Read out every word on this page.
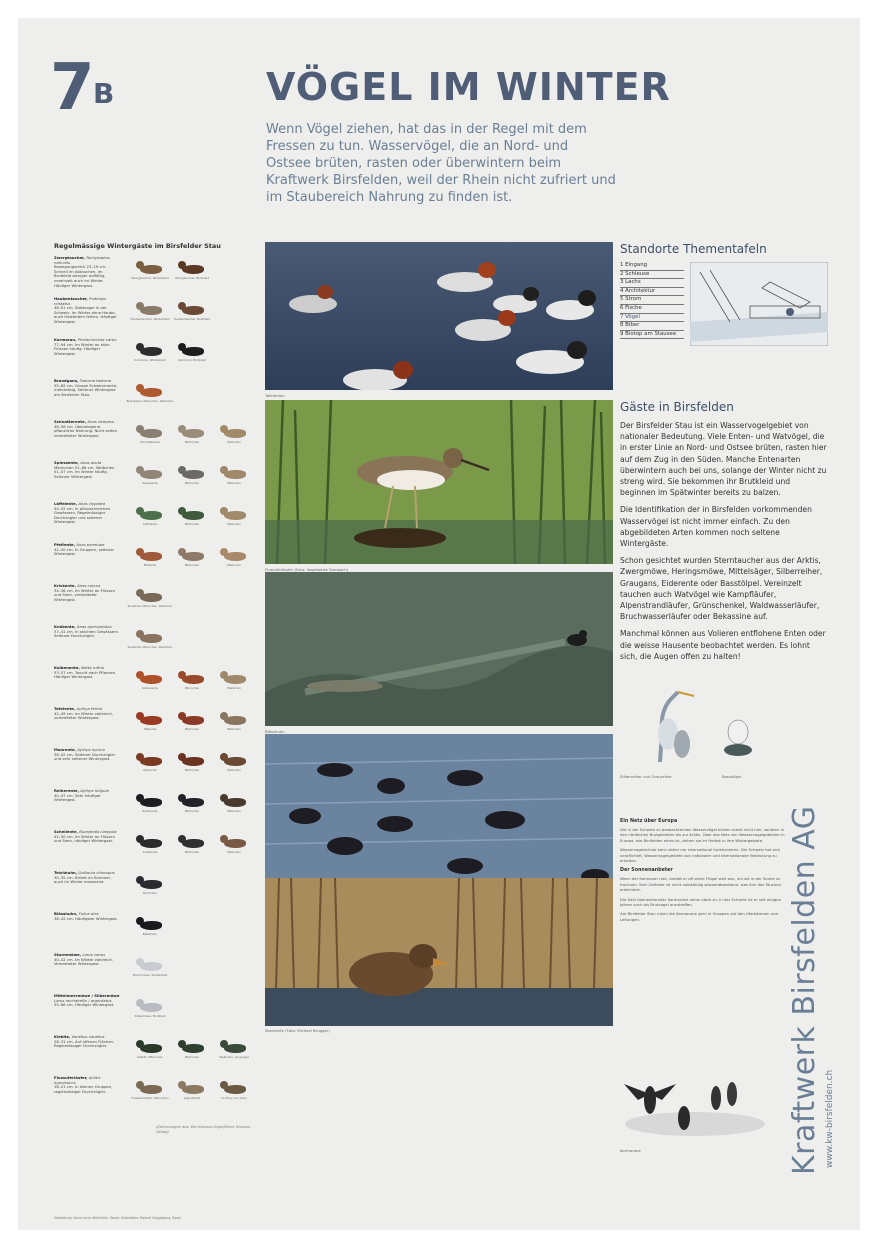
7 B	VÖGEL IM WINTER
Wenn Vögel ziehen, hat das in der Regel mit dem Fressen zu tun. Wasservögel, die an Nord- und Ostsee brüten, rasten oder überwintern beim Kraftwerk Birsfelden, weil der Rhein nicht zufriert und im Staubereich Nahrung zu finden ist.
Regelmässige Wintergäste im Birsfelder Stau
Zwergtaucher, Tachybaptus ruficollis
Bewegungsreich 23–29 cm. Schnell im Abtauchen. Im Brutkleid weniger auffällig, vereinzelt auch im Winter. Häufiger Wintergast.
Zwergtaucher, Winterkleid Zwergtaucher, Brutkleid
Haubentaucher, Podiceps cristatus
46–51 cm. Stattvogel in der Schweiz. Im Winter ohne Haube, auch Halsfedern fehlen. Häufiger Wintergast.	Haubentaucher, Winterkleid Haubentaucher, Brutkleid
Kormoran, Phalacrocorax carbo
77–94 cm. Im Winter an allen Flüssen häufig. Häufiger Wintergast.
Kormoran, Winterkleid	Kormoran, Brutkleid
Brandgans, Tadorna tadorna
55–65 cm. Grosse Schwimmente, mehrfarbig. Seltener Wintergast am Birsfelder Stau.
Brandgans, Männchen, Weibchen
Schnatterente, Anas strepera
46–56 cm. Überwiegend pflanzliche Nahrung. Nicht selten verbreiteter Wintergast.
Schnatterente	Männchen	Weibchen
Spiessente, Anas acuta
Männchen 51–66 cm, Weibchen 51–57 cm. Im Winter häufig. Seltener Wintergast.
Spiessente	Männchen	Weibchen
Löffelente, Anas clypeata
44–52 cm. In pflanzenreichen Gewässern. Regelmässiger Durchzügler und seltener Wintergast.	Löffelente	Männchen	Weibchen
Pfeifente, Anas penelope
42–50 cm. In Gruppen, seltener Wintergast.
Pfeifente	Männchen	Weibchen
Krickente, Anas crecca
34–38 cm. Im Winter an Flüssen und Seen, verbreiteter Wintergast.
Krickente, Männchen, Weibchen
Knäkente, Anas querquedula
37–41 cm. In seichten Gewässern. Seltener Durchzügler.
Knäkente, Männchen, Weibchen
Kolbenente, Netta rufina
53–57 cm. Taucht nach Pflanzen. Häufiger Wintergast.
Kolbenente	Männchen	Weibchen
Tafelente, Aythya ferina
42–49 cm. Im Winter zahlreich, verbreiteter Wintergast.
Tafelente	Männchen	Weibchen
Moorente, Aythya nyroca
38–42 cm. Seltener Durchzügler und sehr seltener Wintergast.
Moorente	Männchen	Weibchen
Reiherente, Aythya fuligula
40–47 cm. Sehr häufiger Wintergast.
Reiherente	Männchen	Weibchen
Schellente, Bucephala clangula
42–50 cm. Im Winter an Flüssen und Seen, häufiger Wintergast.
Schellente	Männchen	Weibchen
Teichhuhn, Gallinula chloropus
30–35 cm. Brütet im Sommer, auch im Winter anwesend.
Teichhuhn
Blässhuhn, Fulica atra
36–42 cm. Häufigster Wintergast.
Blässhuhn
Sturmmöwe, Larus canus
40–42 cm. Im Winter zahlreich. Verbreiteter Wintergast.
Sturmmöwe, Winterkleid
Mittelmeermöwe / Silbermöwe Larus michahellis / argentatus
55–66 cm. Häufiger Wintergast.
Silbermöwe, Brutkleid
Kiebitz, Vanellus vanellus
28–31 cm. Auf offenen Flächen. Regelmässiger Durchzügler.
Kiebitz, Männchen	Männchen	Weibchen, Jungvogel
Flussuferläufer, Actitis hypoleucos
18–21 cm. In kleinen Gruppen, regelmässiger Durchzügler.
Flussuferläufer, Männchen	Jugendkleid	Im Flug, von oben
(Zeichnungen aus: Der Kosmos-Vogelführer, Kosmos Verlag)
Tafelenten
Flussuferläufer (Foto: Vogelwarte Sempach)
Blässhuhn
Stockente (Foto: Michael Brugger)
Standorte Thementafeln
1 Eingang
2 Schleuse
3 Lachs
4 Architektur
5 Strom
6 Fische
7 Vögel
8 Biber
9 Biotop am Stausee
Gäste in Birsfelden

Der Birsfelder Stau ist ein Wasservogelgebiet von nationaler Bedeutung. Viele Enten- und Watvögel, die in erster Linie an Nord- und Ostsee brüten, rasten hier auf dem Zug in den Süden. Manche Entenarten überwintern auch bei uns, solange der Winter nicht zu streng wird. Sie bekommen ihr Brutkleid und beginnen im Spätwinter bereits zu balzen.

Die Identifikation der in Birsfelden vorkommenden Wasservögel ist nicht immer einfach. Zu den abgebildeten Arten kommen noch seltene Wintergäste.

Schon gesichtet wurden Sterntaucher aus der Arktis, Zwergmöwe, Heringsmöwe, Mittelsäger, Silberreiher, Graugans, Eiderente oder Basstölpel. Vereinzelt tauchen auch Watvögel wie Kampfläufer, Alpenstrandläufer, Grünschenkel, Waldwasserläufer, Bruchwasserläufer oder Bekassine auf.

Manchmal können aus Volieren entflohene Enten oder die weisse Hausente beobachtet werden. Es lohnt sich, die Augen offen zu halten!

Silberreiher und Graureiher	Basstölpel
Ein Netz über Europa

Die in der Schweiz zu beobachtenden Wasservögel brüten meist nicht hier, sondern in den nördlichen Brutgebieten bis zur Arktis. Über das Netz von Wasservogelgebieten in Europa, wie Birsfelden eines ist, ziehen sie im Herbst in ihre Wintergebiete.

Wasservogelschutz kann daher nur international funktionieren. Die Schweiz hat sich verpflichtet, Wasservogelgebiete von nationaler und internationaler Bedeutung zu erhalten.

Der Sonnenanbeter

Wenn der Kormoran ruht, breitet er oft seine Flügel weit aus, um sie in der Sonne zu trocknen. Sein Gefieder ist nicht vollständig wasserabweisend, was ihm das Tauchen erleichtert.

Die Zahl überwinternder Kormorane nahm stark zu. In der Schweiz ist er seit einigen Jahren auch als Brutvogel anzutreffen.

Am Birsfelder Stau ruhen die Kormorane gern in Gruppen auf den Uferbäumen und Leitungen.

Kormorane
Gestaltung: Karin Lerch-Mühlheim, Basel; Illustration: Roland Guggisberg, Basel
Kraftwerk Birsfelden AG www.kw-birsfelden.ch
